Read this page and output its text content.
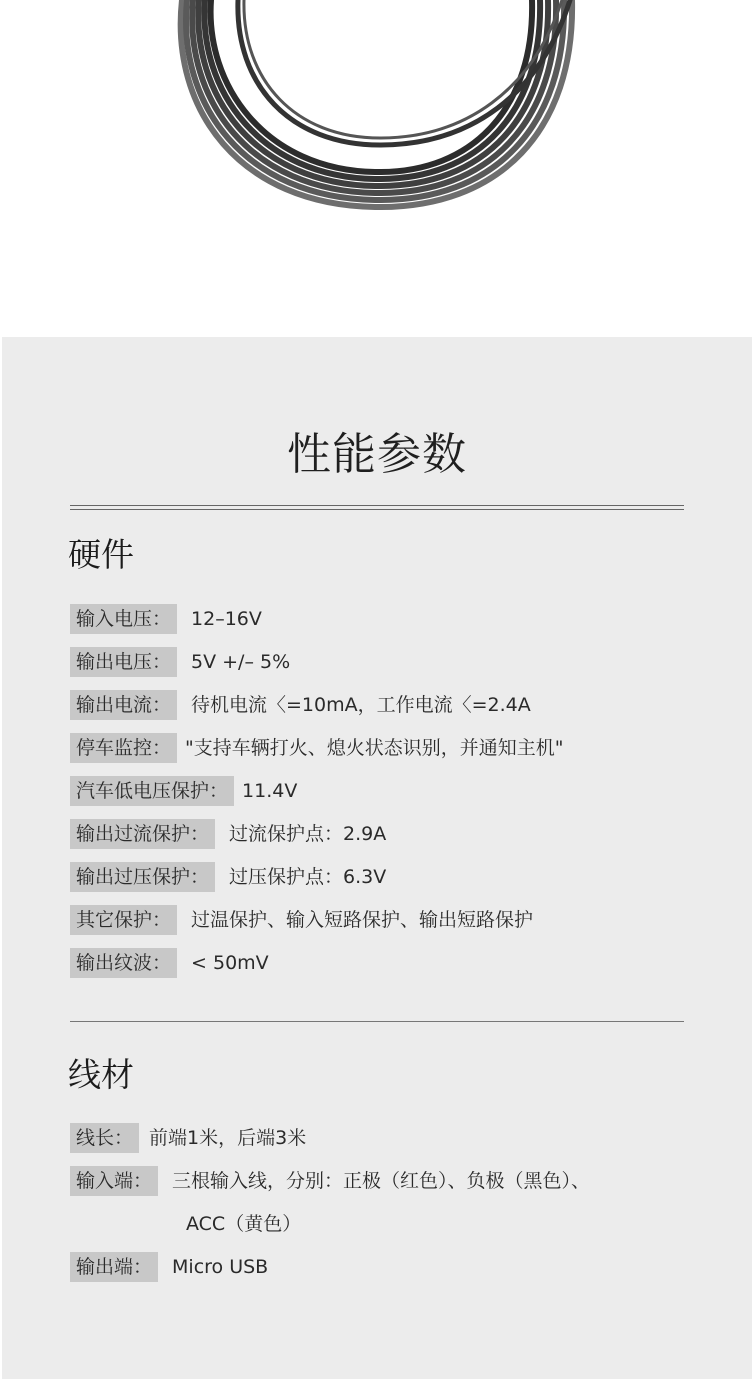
性能参数
硬件
输入电压：	12–16V
输出电压：	5V +/– 5%
输出电流：	待机电流〈=10mA，工作电流〈=2.4A
停车监控： "支持车辆打火、熄火状态识别，并通知主机"
汽车低电压保护： 11.4V
输出过流保护：	过流保护点：2.9A
输出过压保护：	过压保护点：6.3V
其它保护：	过温保护、输入短路保护、输出短路保护
输出纹波：	< 50mV
线材
线长： 前端1米，后端3米
输入端：	三根输入线，分别：正极（红色）、负极（黑色）、
ACC（黄色）
输出端：	Micro USB
